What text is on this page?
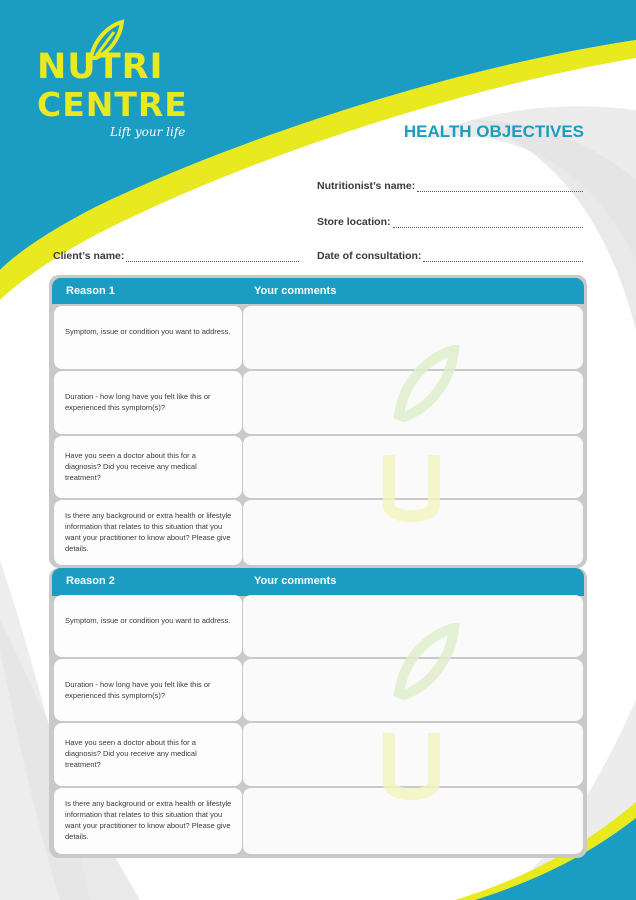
NUTRI
CENTRE
Lift your life	HEALTH OBJECTIVES
Nutritionist’s name:
Store location:
Client’s name:	Date of consultation:
Reason 1	Your comments
Symptom, issue or condition you want to address.
Duration - how long have you felt like this or experienced this symptom(s)?
Have you seen a doctor about this for a diagnosis? Did you receive any medical treatment?
Is there any background or extra health or lifestyle information that relates to this situation that you want your practitioner to know about? Please give details.
Reason 2	Your comments
Symptom, issue or condition you want to address.
Duration - how long have you felt like this or experienced this symptom(s)?
Have you seen a doctor about this for a diagnosis? Did you receive any medical treatment?
Is there any background or extra health or lifestyle information that relates to this situation that you want your practitioner to know about? Please give details.
